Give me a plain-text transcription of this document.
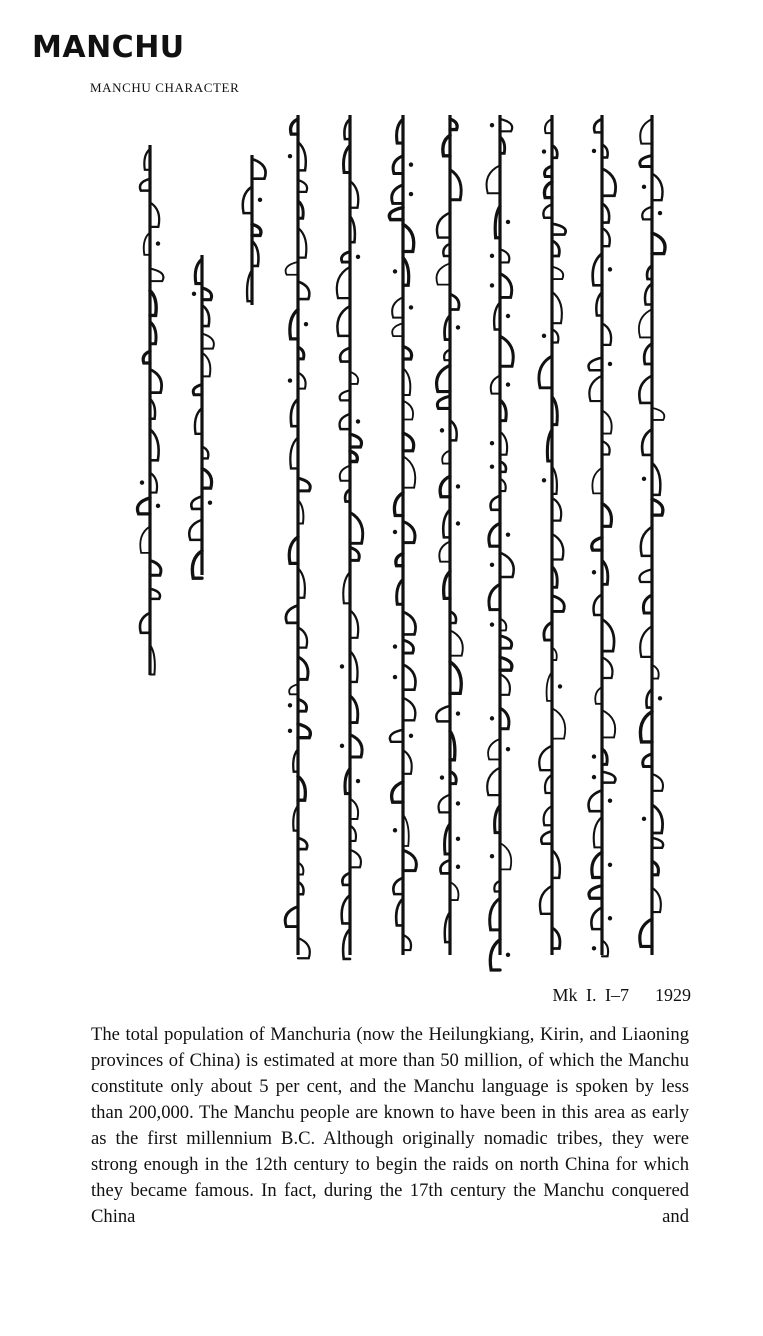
MANCHU

MANCHU CHARACTER

Mk I. I–7 1929

The total population of Manchuria (now the Heilungkiang, Kirin, and Liaoning provinces of China) is estimated at more than 50 million, of which the Manchu constitute only about 5 per cent, and the Manchu language is spoken by less than 200,000. The Manchu people are known to have been in this area as early as the first millennium B.C. Although originally nomadic tribes, they were strong enough in the 12th century to begin the raids on north China for which they became famous. In fact, during the 17th century the Manchu conquered China and
